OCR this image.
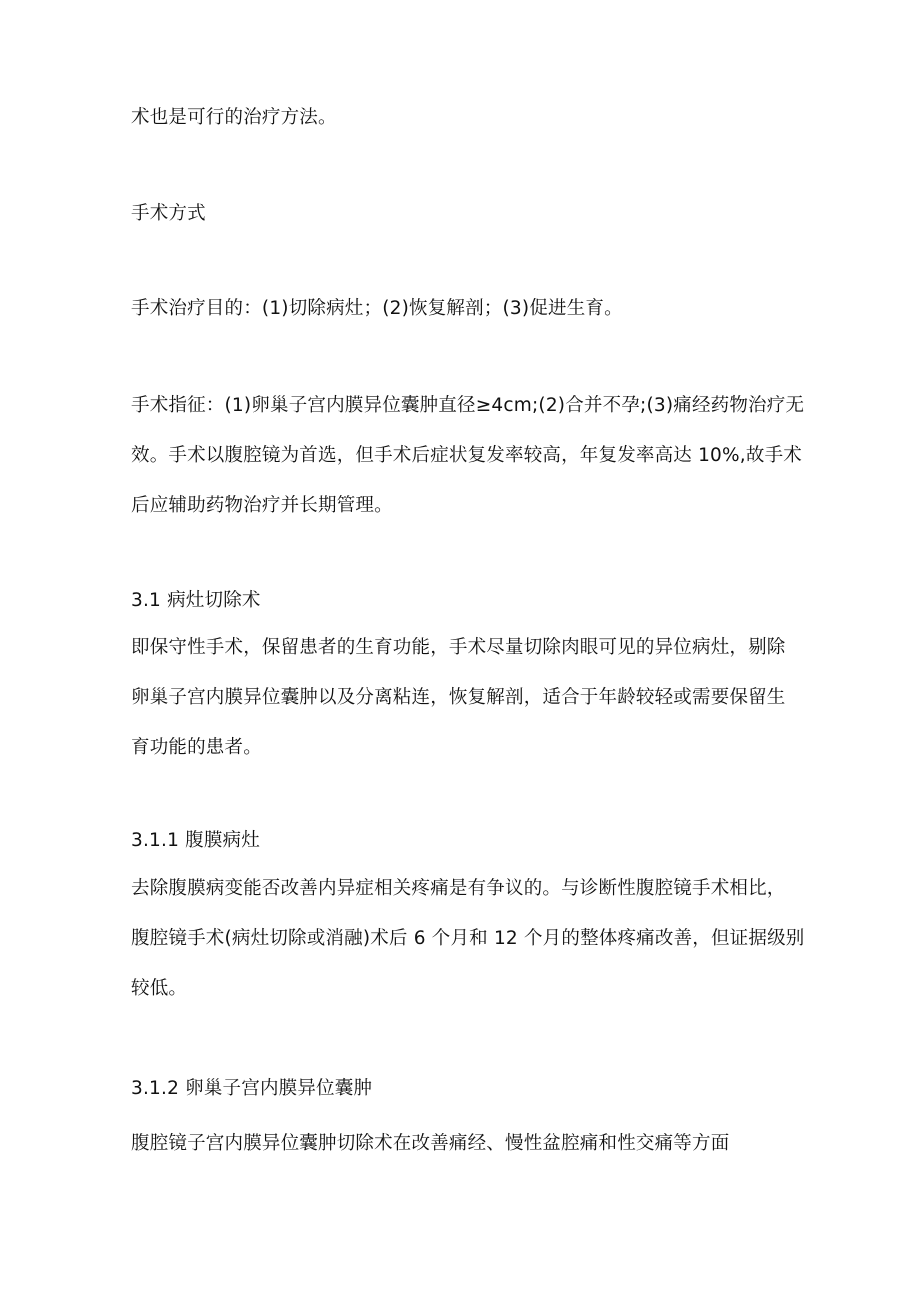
术也是可行的治疗方法。
手术方式
手术治疗目的：(1)切除病灶；(2)恢复解剖；(3)促进生育。
手术指征：(1)卵巢子宫内膜异位囊肿直径≥4cm;(2)合并不孕;(3)痛经药物治疗无
效。手术以腹腔镜为首选，但手术后症状复发率较高，年复发率高达 10%,故手术
后应辅助药物治疗并长期管理。
3.1 病灶切除术
即保守性手术，保留患者的生育功能，手术尽量切除肉眼可见的异位病灶，剔除
卵巢子宫内膜异位囊肿以及分离粘连，恢复解剖，适合于年龄较轻或需要保留生
育功能的患者。
3.1.1 腹膜病灶
去除腹膜病变能否改善内异症相关疼痛是有争议的。与诊断性腹腔镜手术相比，
腹腔镜手术(病灶切除或消融)术后 6 个月和 12 个月的整体疼痛改善，但证据级别
较低。
3.1.2 卵巢子宫内膜异位囊肿
腹腔镜子宫内膜异位囊肿切除术在改善痛经、慢性盆腔痛和性交痛等方面
